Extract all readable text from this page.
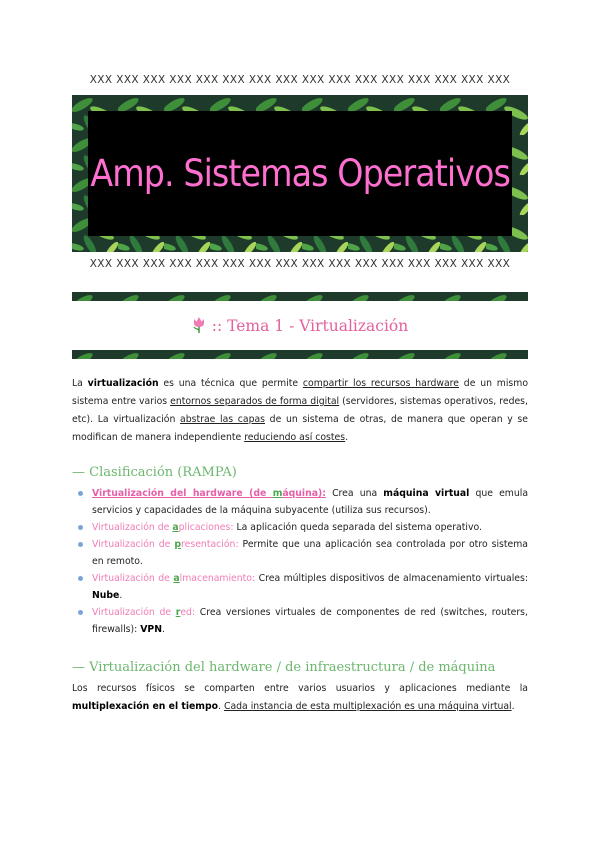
XXX XXX XXX XXX XXX XXX XXX XXX XXX XXX XXX XXX XXX XXX XXX XXX
Amp. Sistemas Operativos
XXX XXX XXX XXX XXX XXX XXX XXX XXX XXX XXX XXX XXX XXX XXX XXX
:: Tema 1 - Virtualización
La virtualización es una técnica que permite compartir los recursos hardware de un mismo sistema entre varios entornos separados de forma digital (servidores, sistemas operativos, redes, etc). La virtualización abstrae las capas de un sistema de otras, de manera que operan y se modifican de manera independiente reduciendo así costes.
— Clasificación (RAMPA)
Virtualización del hardware (de máquina): Crea una máquina virtual que emula servicios y capacidades de la máquina subyacente (utiliza sus recursos).
Virtualización de aplicaciones: La aplicación queda separada del sistema operativo.
Virtualización de presentación: Permite que una aplicación sea controlada por otro sistema en remoto.
Virtualización de almacenamiento: Crea múltiples dispositivos de almacenamiento virtuales: Nube.
Virtualización de red: Crea versiones virtuales de componentes de red (switches, routers, firewalls): VPN.
— Virtualización del hardware / de infraestructura / de máquina
Los recursos físicos se comparten entre varios usuarios y aplicaciones mediante la multiplexación en el tiempo. Cada instancia de esta multiplexación es una máquina virtual.
